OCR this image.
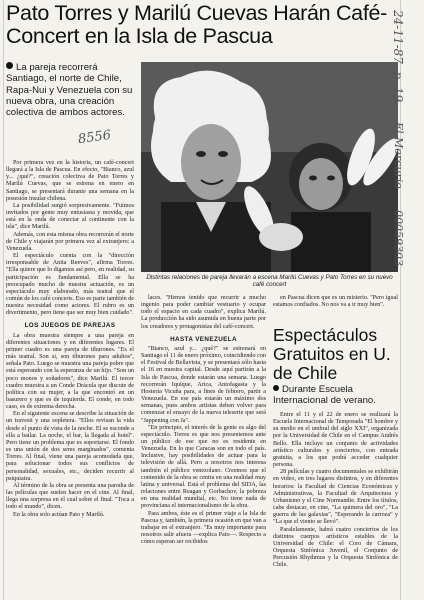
Pato Torres y Marilú Cuevas Harán Café-Concert en la Isla de Pascua
La pareja recorrerá Santiago, el norte de Chile, Rapa-Nui y Venezuela con su nueva obra, una creación colectiva de ambos actores.
8556
Distintas relaciones de pareja llevarán a escena Marilú Cuevas y Pato Torres en su nuevo café concert

Por primera vez en la historia, un café-concert llegará a la Isla de Pascua. En efecto, "Bianco, azul y... ¿qué?", creación colectiva de Pato Torres y Marilú Cuevas, que se estrena en enero en Santiago, se presentará durante una semana en la posesión insular chilena.

La posibilidad surgió sorpresivamente. "Fuimos invitados por gente muy entusiasta y movida, que está en la onda de conectar al continente con la isla", dice Marilú.

Además, con esta misma obra recorrerán el norte de Chile y viajarán por primera vez al extranjero: a Venezuela.

El espectáculo cuenta con la "dirección irresponsable de Anita Reeves", afirma Torres. "Ella quiere que lo digamos así pero, en realidad, su participación es fundamental. Ella se ha preocupado mucho de nuestra actuación, es un espectáculo muy elaborado, más teatral que el común de los café concerts. Eso es parte también de nuestra necesidad como actores. El rubro es un divertimento, pero tiene que ser muy bien cuidado".

LOS JUEGOS DE PAREJAS

La obra muestra siempre a una pareja en diferentes situaciones y en diferentes lugares. El primer cuadro es una pareja de tiburones. "Es el más teatral. Son si, son tiburones para adultos", señala Pato. Luego se muestra una pareja pobre que está esperando con la esperanza de un hijo. "Son un poco monos y soñadores", dice Marilú. El tercer cuadro muestra a un Conde Drácula que discute de política con su mujer, a la que encontró en un basurero y que es de izquierda. El conde, en todo caso, es de extrema derecha.

En el siguiente escena se describe la situación de un travesti y una sopletera. "Ellos revisan la vida desde el punto de vista de la noche. El se esconde a ella a bailar. La noche, el bar, la llegada al hotel". Pero tiene un problema que es soportarse. El fondo es una unión de dos seres marginados", comenta Torres. Al final, viene una pareja acomodada que, para solucionar todos sus conflictos de personalidad, sexuales, etc., deciden recurrir al psiquiatra.

Al término de la obra se presenta una parodia de las películas que suelen hacer en el cine. Al final, llega una sorpresa en el cual sobre el final. "Toca a todo el mundo", dicen.

En la obra solo actúan Pato y Marilú.

laces. "Hemos tenido que recurrir a mucho ingenio para poder cambiar vestuario y ocupar todo el espacio en cada cuadro", explica Marilú. La producción ha sido asumida en buena parte por los creadores y protagonistas del café-concert.

HASTA VENEZUELA

"Bianco, azul y... ¿qué?" se estrenará en Santiago el 11 de enero próximo, coincidiendo con el Festival de Bellavista, y se presentará sólo hasta el 16 en nuestra capital. Desde aquí partirán a la Isla de Pascua, donde estarán una semana. Luego recorrerán Iquique, Arica, Antofagasta y la Hostería Vicuña para, a fines de febrero, partir a Venezuela. En ese país estarán un máximo dos semanas, pues ambos artistas deben volver para comenzar el ensayo de la nueva teleserie que será "Jappening con Ja".

"En principio, el interés de la gente es algo del espectáculo. Torres es que nos presentemos ante un público de ese que no es residente en Venezuela. En lo que Caracas son en todo el país. Inclusive, hay posibilidades de actuar para la televisión de allá. Pero a nosotros nos interesa también el público venezolano. Creemos que el contenido de la obra se centra en una realidad muy latina y universal. Está el problema del SIDA, las relaciones entre Reagan y Gorbachov, la pobreza en una realidad mundial, etc. No tiene nada de provinciana el internacionalismo de la obra.

Para ambos, éste es el primer viaje a la Isla de Pascua y, también, la primera ocasión en que van a trabajar en el extranjero. "Es muy importante para nosotros salir afuera —explica Pato—. Respecto a cómo esperan ser recibidos

en Pascua dicen que es un misterio. "Pero igual estamos confiados. No nos va a ir muy bien".

Espectáculos Gratuitos en U. de Chile
Durante Escuela Internacional de verano.

Entre el 11 y el 22 de enero se realizará la Escuela Internacional de Temporada "El hombre y su medio en el umbral del siglo XXI", organizada por la Universidad de Chile en el Campus Andrés Bello. Ella incluye un conjunto de actividades artístico culturales y conciertos, con entrada gratuita, a los que podrá acceder cualquier persona.

28 películas y cuatro documentales se exhibirán en video, en tres lugares distintos, y en diferentes horarios: la Facultad de Ciencias Económicas y Administrativas, la Facultad de Arquitectura y Urbanismo y el Cine Normandie. Entre los títulos, cabe destacar, en cine, "La quimera del oro", "La guerra de las galaxias", "Esperando la carroza" y "La que el viento se llevó".

Paralelamente, habrá cuatro conciertos de los distintos cuerpos artísticos estables de la Universidad de Chile: el Coro de Cámara, Orquesta Sinfónica Juvenil, el Conjunto de Percusión Rhythmus y la Orquesta Sinfónica de Chile.

24-11-87, p. 19
El Mercurio
00059303
